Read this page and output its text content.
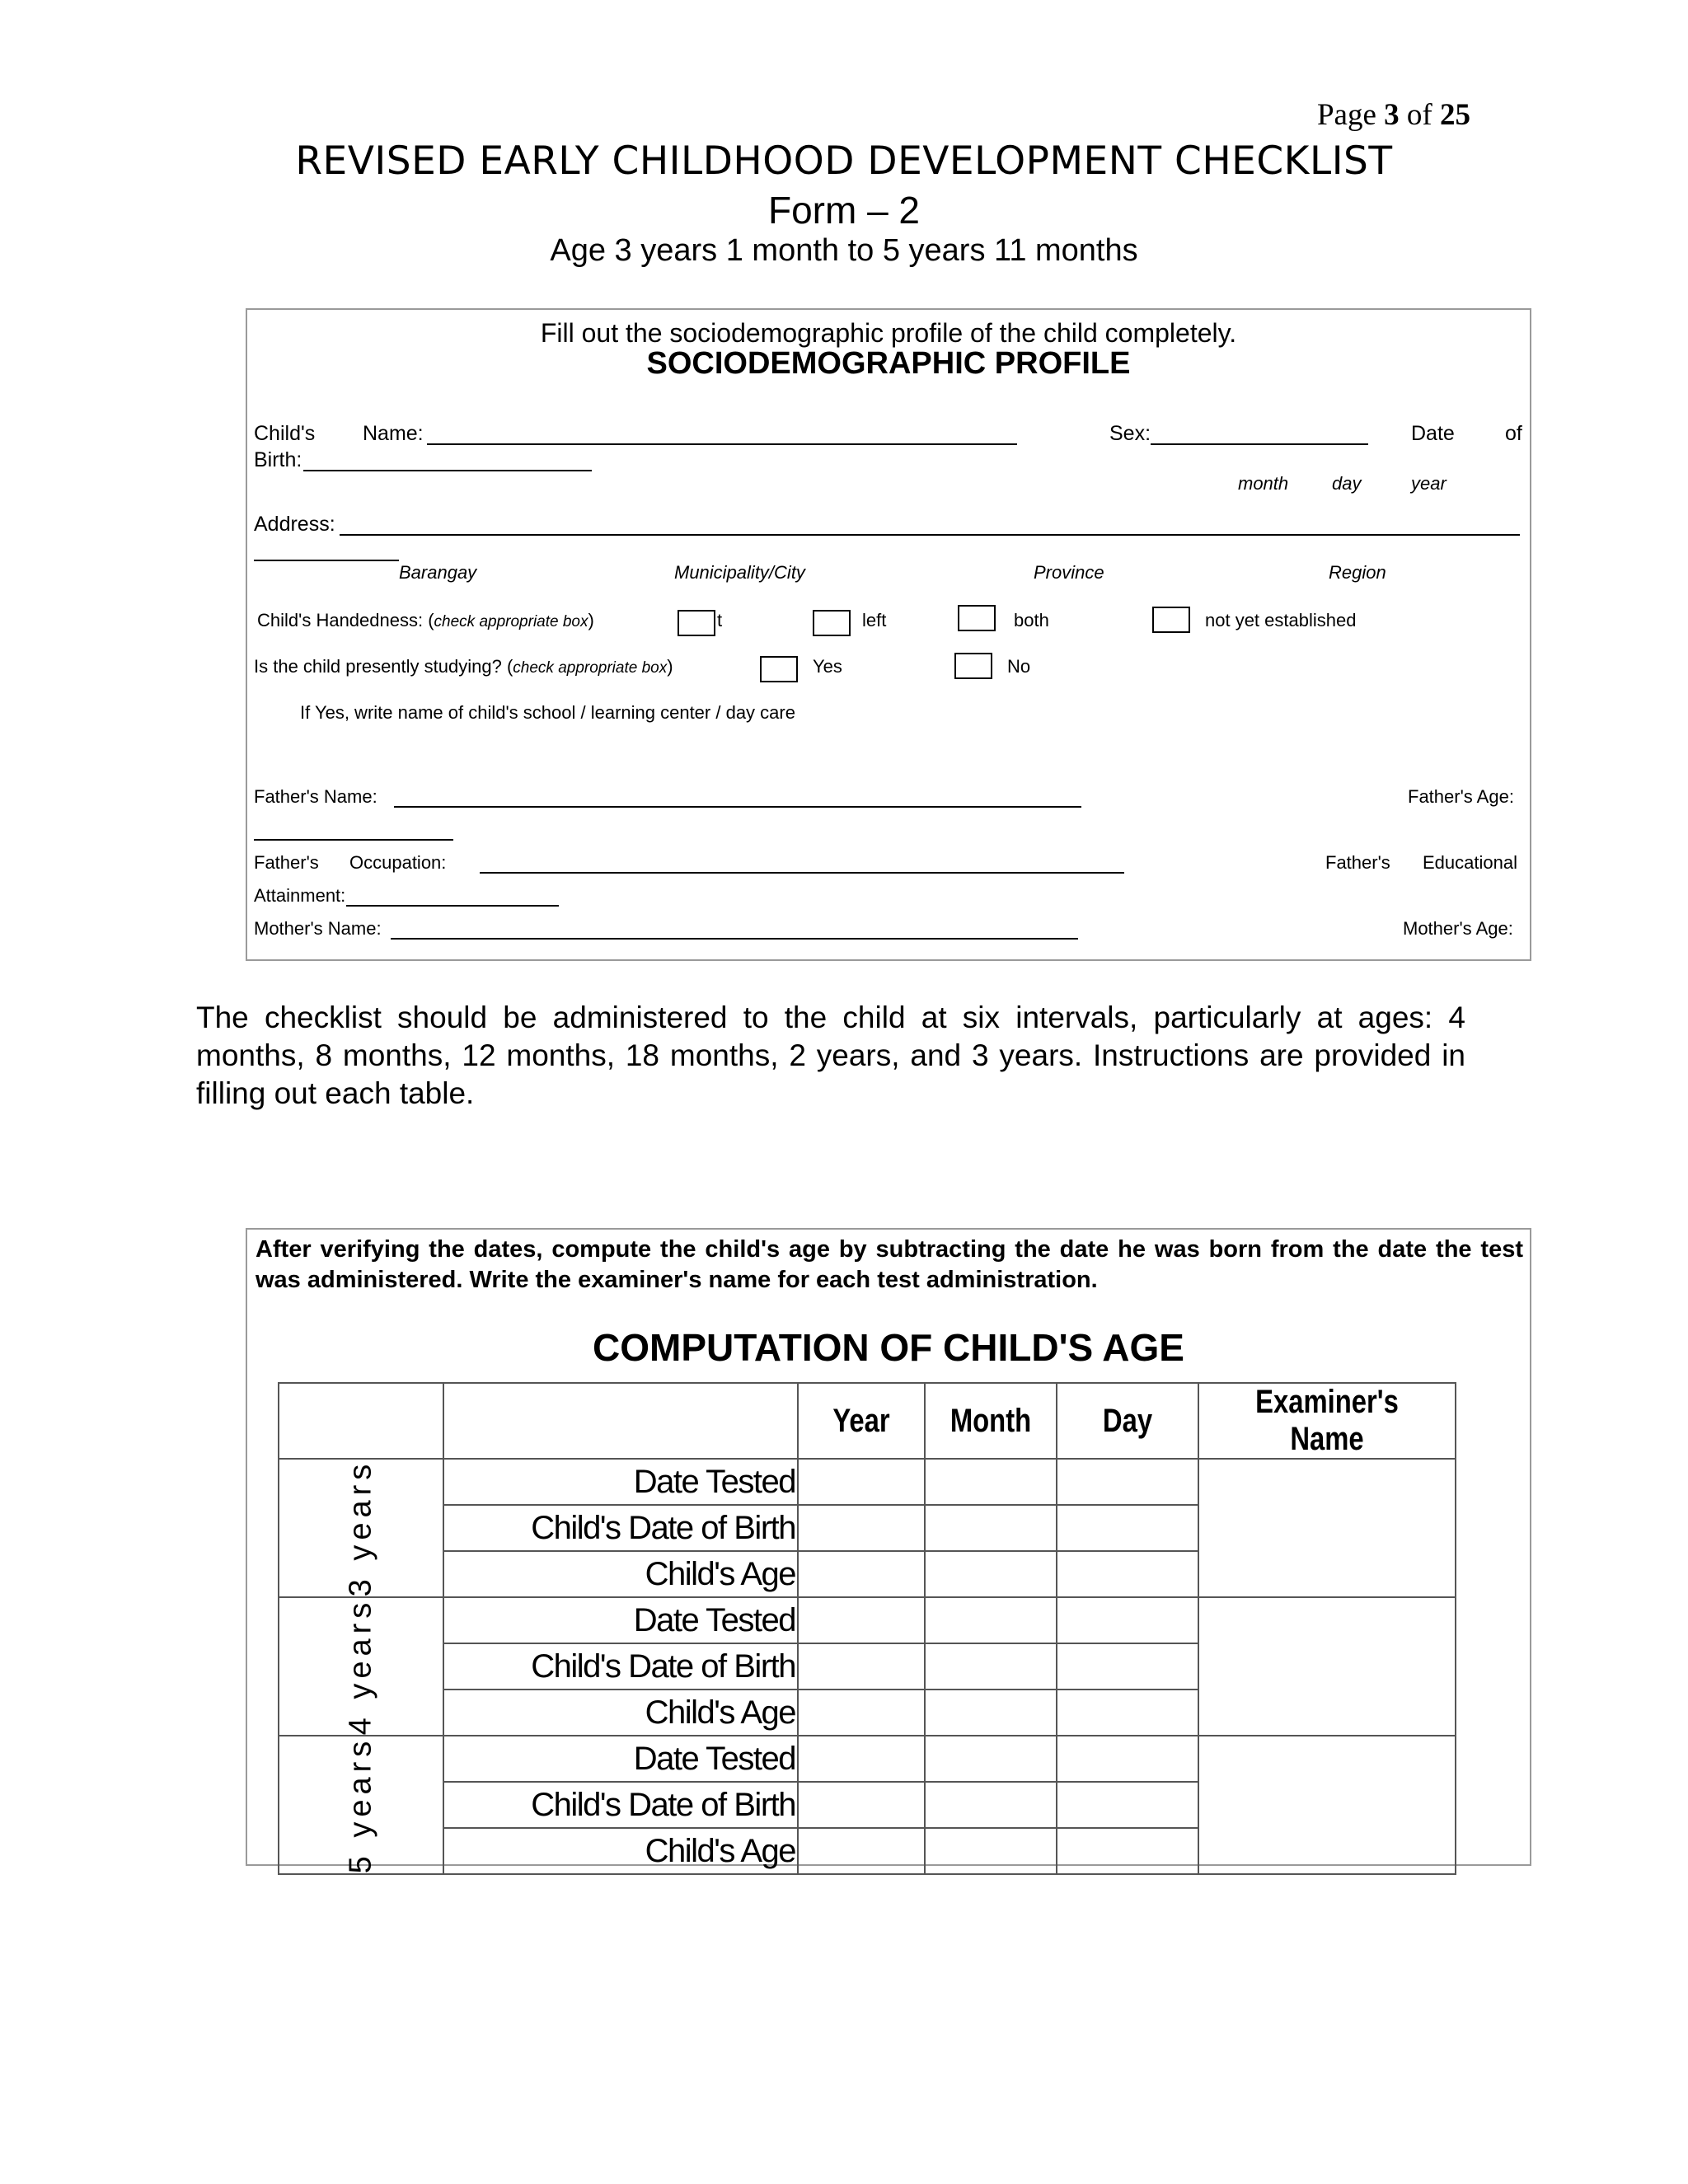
Page 3 of 25
REVISED EARLY CHILDHOOD DEVELOPMENT CHECKLIST
Form – 2
Age 3 years 1 month to 5 years 11 months
Fill out the sociodemographic profile of the child completely.
SOCIODEMOGRAPHIC PROFILE
Child's Name:	Sex:	Date of
Birth:
month day	year
Address:
Barangay	Municipality/City	Province	Region
Child's Handedness: (check appropriate box)	t	left	both	not yet established
Is the child presently studying? (check appropriate box)	Yes	No
If Yes, write name of child's school / learning center / day care
Father's Name:	Father's Age:
Father's Occupation:	Father's Educational
Attainment:
Mother's Name:	Mother's Age:
The checklist should be administered to the child at six intervals, particularly at ages: 4 months, 8 months, 12 months, 18 months, 2 years, and 3 years. Instructions are provided in filling out each table.
After verifying the dates, compute the child's age by subtracting the date he was born from the date the test was administered. Write the examiner's name for each test administration.
COMPUTATION OF CHILD'S AGE
		Year	Month	Day	Examiner's Name

3 years	Date Tested				
	Child's Date of Birth				
	Child's Age				

4 years	Date Tested				
	Child's Date of Birth				
	Child's Age				

5 years	Date Tested				
	Child's Date of Birth				
	Child's Age				
